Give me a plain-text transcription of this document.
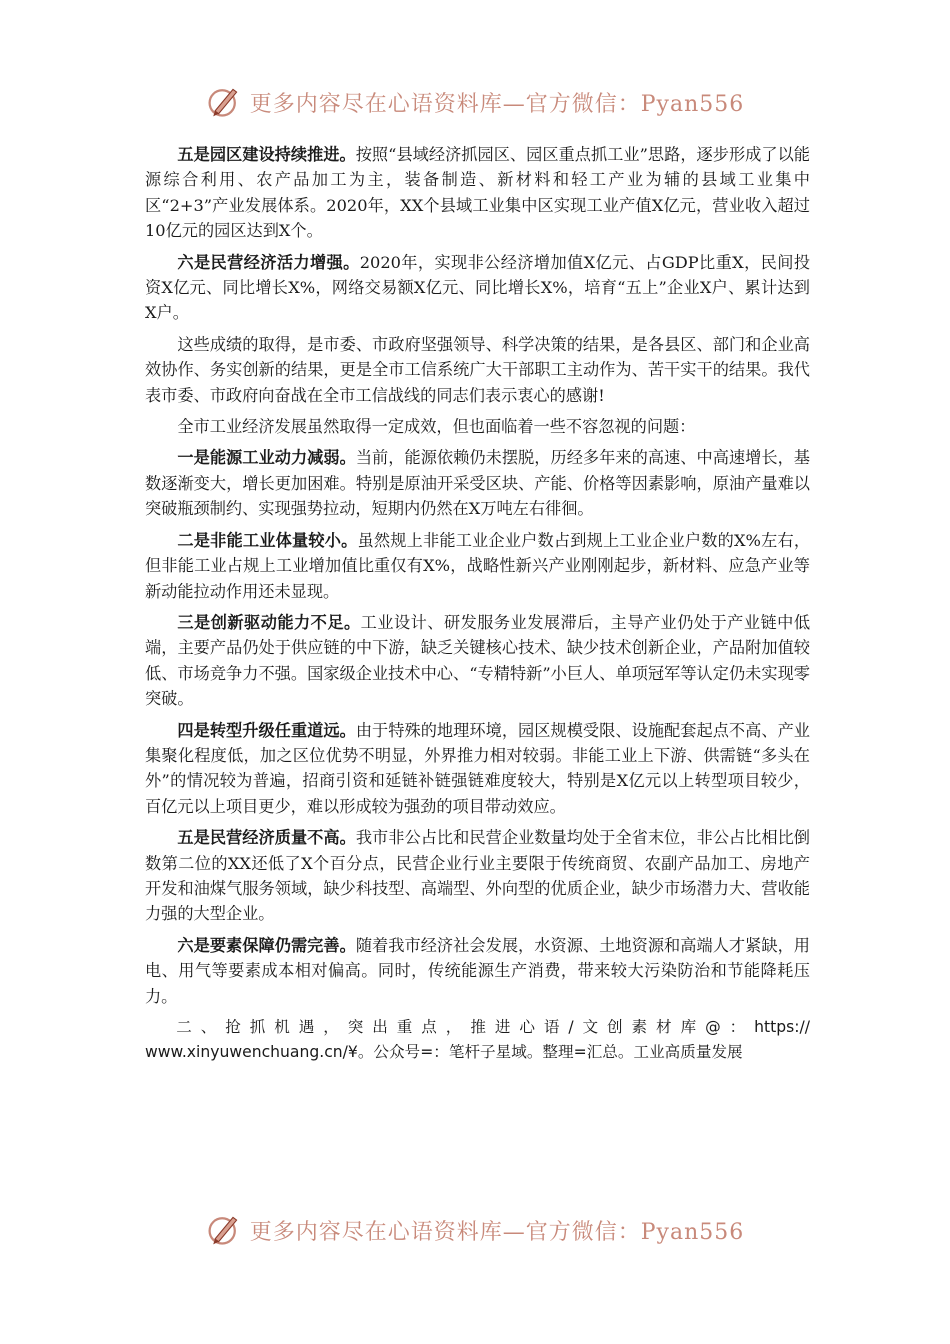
更多内容尽在心语资料库—官方微信：Pyan556

五是园区建设持续推进。按照“县域经济抓园区、园区重点抓工业”思路，逐步形成了以能源综合利用、农产品加工为主，装备制造、新材料和轻工产业为辅的县域工业集中区“2+3”产业发展体系。2020年，XX个县域工业集中区实现工业产值X亿元，营业收入超过10亿元的园区达到X个。

六是民营经济活力增强。2020年，实现非公经济增加值X亿元、占GDP比重X，民间投资X亿元、同比增长X%，网络交易额X亿元、同比增长X%，培育“五上”企业X户、累计达到X户。

这些成绩的取得，是市委、市政府坚强领导、科学决策的结果，是各县区、部门和企业高效协作、务实创新的结果，更是全市工信系统广大干部职工主动作为、苦干实干的结果。我代表市委、市政府向奋战在全市工信战线的同志们表示衷心的感谢!

全市工业经济发展虽然取得一定成效，但也面临着一些不容忽视的问题：

一是能源工业动力减弱。当前，能源依赖仍未摆脱，历经多年来的高速、中高速增长，基数逐渐变大，增长更加困难。特别是原油开采受区块、产能、价格等因素影响，原油产量难以突破瓶颈制约、实现强势拉动，短期内仍然在X万吨左右徘徊。

二是非能工业体量较小。虽然规上非能工业企业户数占到规上工业企业户数的X%左右，但非能工业占规上工业增加值比重仅有X%，战略性新兴产业刚刚起步，新材料、应急产业等新动能拉动作用还未显现。

三是创新驱动能力不足。工业设计、研发服务业发展滞后，主导产业仍处于产业链中低端，主要产品仍处于供应链的中下游，缺乏关键核心技术、缺少技术创新企业，产品附加值较低、市场竞争力不强。国家级企业技术中心、“专精特新”小巨人、单项冠军等认定仍未实现零突破。

四是转型升级任重道远。由于特殊的地理环境，园区规模受限、设施配套起点不高、产业集聚化程度低，加之区位优势不明显，外界推力相对较弱。非能工业上下游、供需链“多头在外”的情况较为普遍，招商引资和延链补链强链难度较大，特别是X亿元以上转型项目较少，百亿元以上项目更少，难以形成较为强劲的项目带动效应。

五是民营经济质量不高。我市非公占比和民营企业数量均处于全省末位，非公占比相比倒数第二位的XX还低了X个百分点，民营企业行业主要限于传统商贸、农副产品加工、房地产开发和油煤气服务领域，缺少科技型、高端型、外向型的优质企业，缺少市场潜力大、营收能力强的大型企业。

六是要素保障仍需完善。随着我市经济社会发展，水资源、土地资源和高端人才紧缺，用电、用气等要素成本相对偏高。同时，传统能源生产消费，带来较大污染防治和节能降耗压力。

二、抢抓机遇，突出重点，推进心语/文创素材库@：https://

www.xinyuwenchuang.cn/¥。公众号=：笔杆子星域。整理=汇总。工业高质量发展

更多内容尽在心语资料库—官方微信：Pyan556
